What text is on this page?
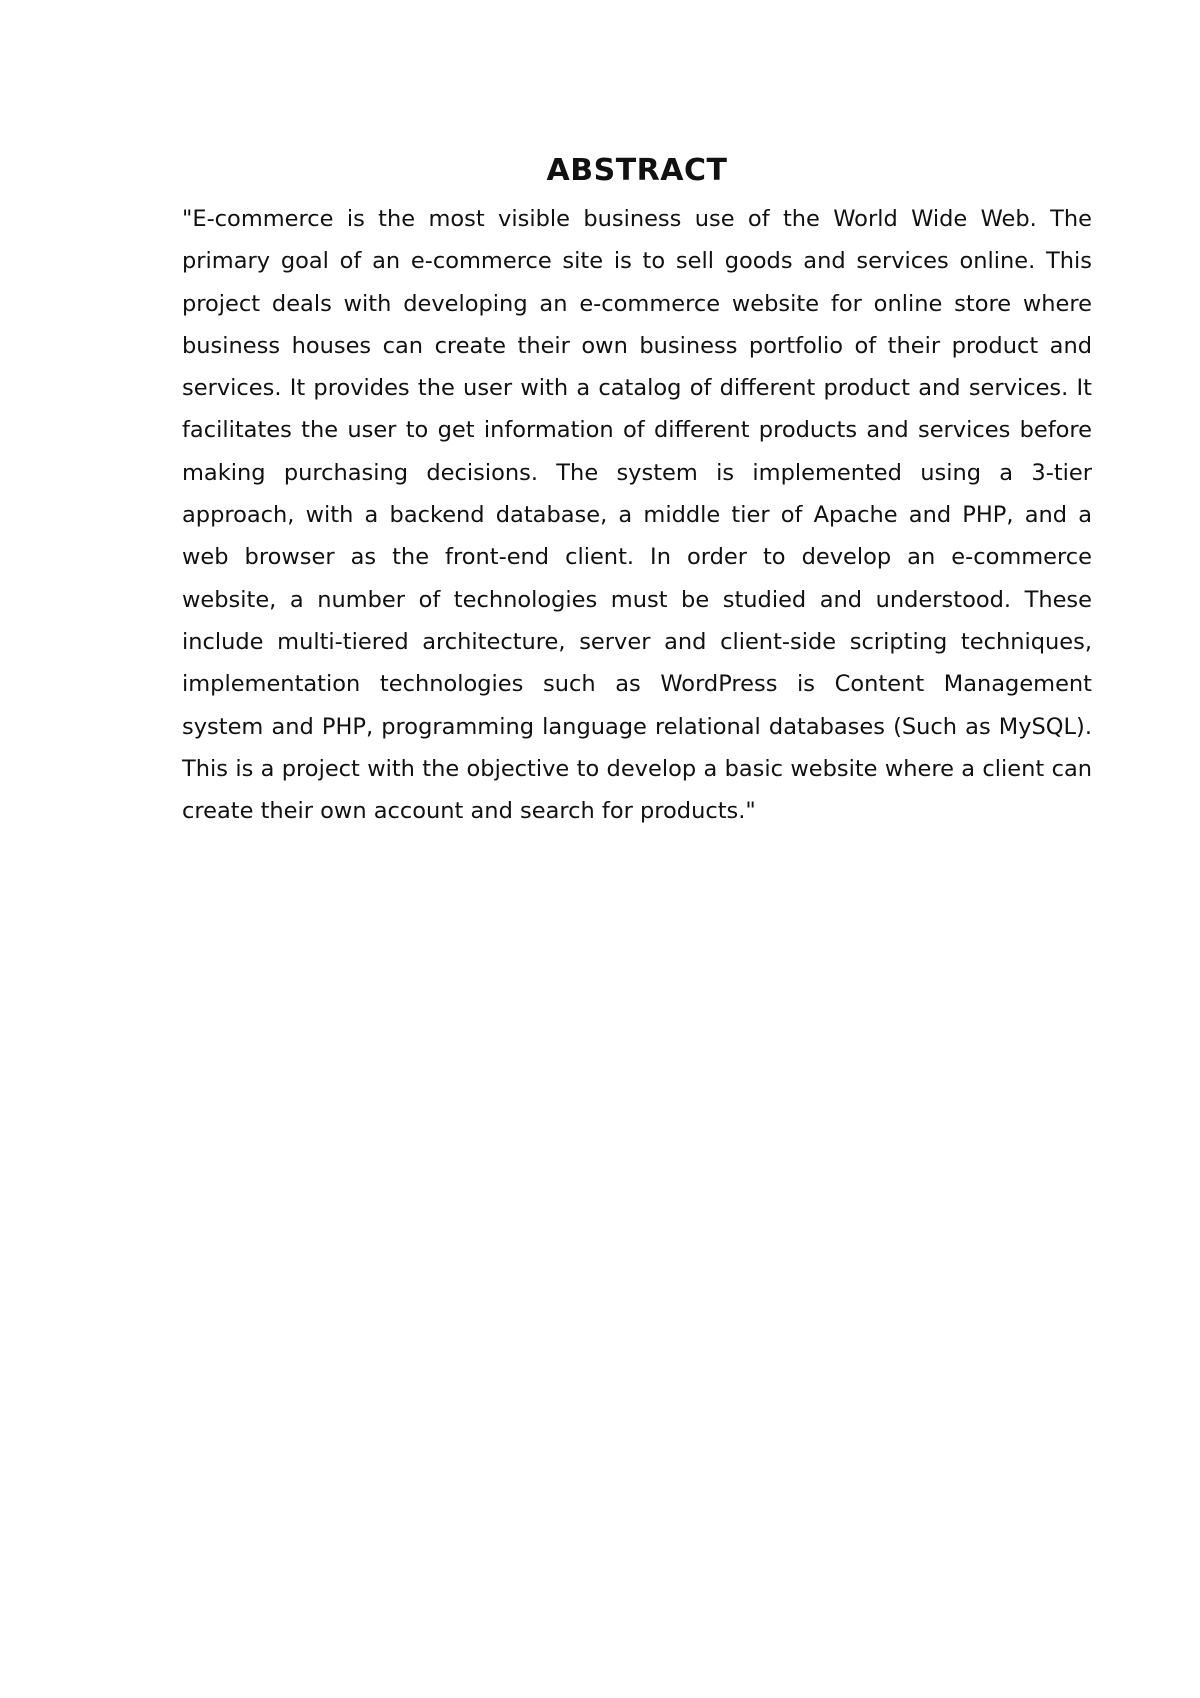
ABSTRACT

"E-commerce is the most visible business use of the World Wide Web. The primary goal of an e-commerce site is to sell goods and services online. This project deals with developing an e-commerce website for online store where business houses can create their own business portfolio of their product and services. It provides the user with a catalog of different product and services. It facilitates the user to get information of different products and services before making purchasing decisions. The system is implemented using a 3-tier approach, with a backend database, a middle tier of Apache and PHP, and a web browser as the front-end client. In order to develop an e-commerce website, a number of technologies must be studied and understood. These include multi-tiered architecture, server and client-side scripting techniques, implementation technologies such as WordPress is Content Management system and PHP, programming language relational databases (Such as MySQL). This is a project with the objective to develop a basic website where a client can create their own account and search for products."
